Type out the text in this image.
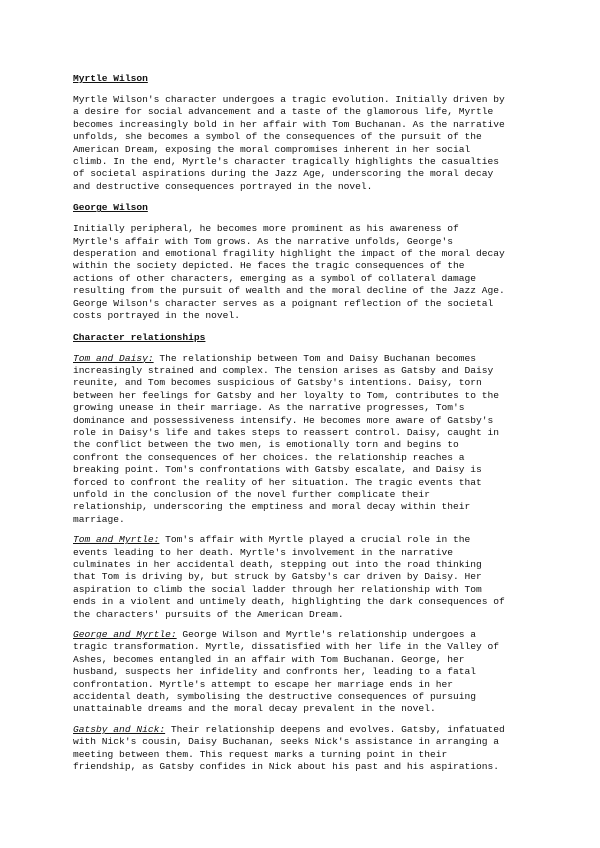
Myrtle Wilson
Myrtle Wilson's character undergoes a tragic evolution. Initially driven by
a desire for social advancement and a taste of the glamorous life, Myrtle
becomes increasingly bold in her affair with Tom Buchanan. As the narrative
unfolds, she becomes a symbol of the consequences of the pursuit of the
American Dream, exposing the moral compromises inherent in her social
climb. In the end, Myrtle's character tragically highlights the casualties
of societal aspirations during the Jazz Age, underscoring the moral decay
and destructive consequences portrayed in the novel.
George Wilson
Initially peripheral, he becomes more prominent as his awareness of
Myrtle's affair with Tom grows. As the narrative unfolds, George's
desperation and emotional fragility highlight the impact of the moral decay
within the society depicted. He faces the tragic consequences of the
actions of other characters, emerging as a symbol of collateral damage
resulting from the pursuit of wealth and the moral decline of the Jazz Age.
George Wilson's character serves as a poignant reflection of the societal
costs portrayed in the novel.
Character relationships
Tom and Daisy: The relationship between Tom and Daisy Buchanan becomes
increasingly strained and complex. The tension arises as Gatsby and Daisy
reunite, and Tom becomes suspicious of Gatsby's intentions. Daisy, torn
between her feelings for Gatsby and her loyalty to Tom, contributes to the
growing unease in their marriage. As the narrative progresses, Tom's
dominance and possessiveness intensify. He becomes more aware of Gatsby's
role in Daisy's life and takes steps to reassert control. Daisy, caught in
the conflict between the two men, is emotionally torn and begins to
confront the consequences of her choices. the relationship reaches a
breaking point. Tom's confrontations with Gatsby escalate, and Daisy is
forced to confront the reality of her situation. The tragic events that
unfold in the conclusion of the novel further complicate their
relationship, underscoring the emptiness and moral decay within their
marriage.
Tom and Myrtle: Tom's affair with Myrtle played a crucial role in the
events leading to her death. Myrtle's involvement in the narrative
culminates in her accidental death, stepping out into the road thinking
that Tom is driving by, but struck by Gatsby's car driven by Daisy. Her
aspiration to climb the social ladder through her relationship with Tom
ends in a violent and untimely death, highlighting the dark consequences of
the characters' pursuits of the American Dream.
George and Myrtle: George Wilson and Myrtle's relationship undergoes a
tragic transformation. Myrtle, dissatisfied with her life in the Valley of
Ashes, becomes entangled in an affair with Tom Buchanan. George, her
husband, suspects her infidelity and confronts her, leading to a fatal
confrontation. Myrtle's attempt to escape her marriage ends in her
accidental death, symbolising the destructive consequences of pursuing
unattainable dreams and the moral decay prevalent in the novel.
Gatsby and Nick: Their relationship deepens and evolves. Gatsby, infatuated
with Nick's cousin, Daisy Buchanan, seeks Nick's assistance in arranging a
meeting between them. This request marks a turning point in their
friendship, as Gatsby confides in Nick about his past and his aspirations.
